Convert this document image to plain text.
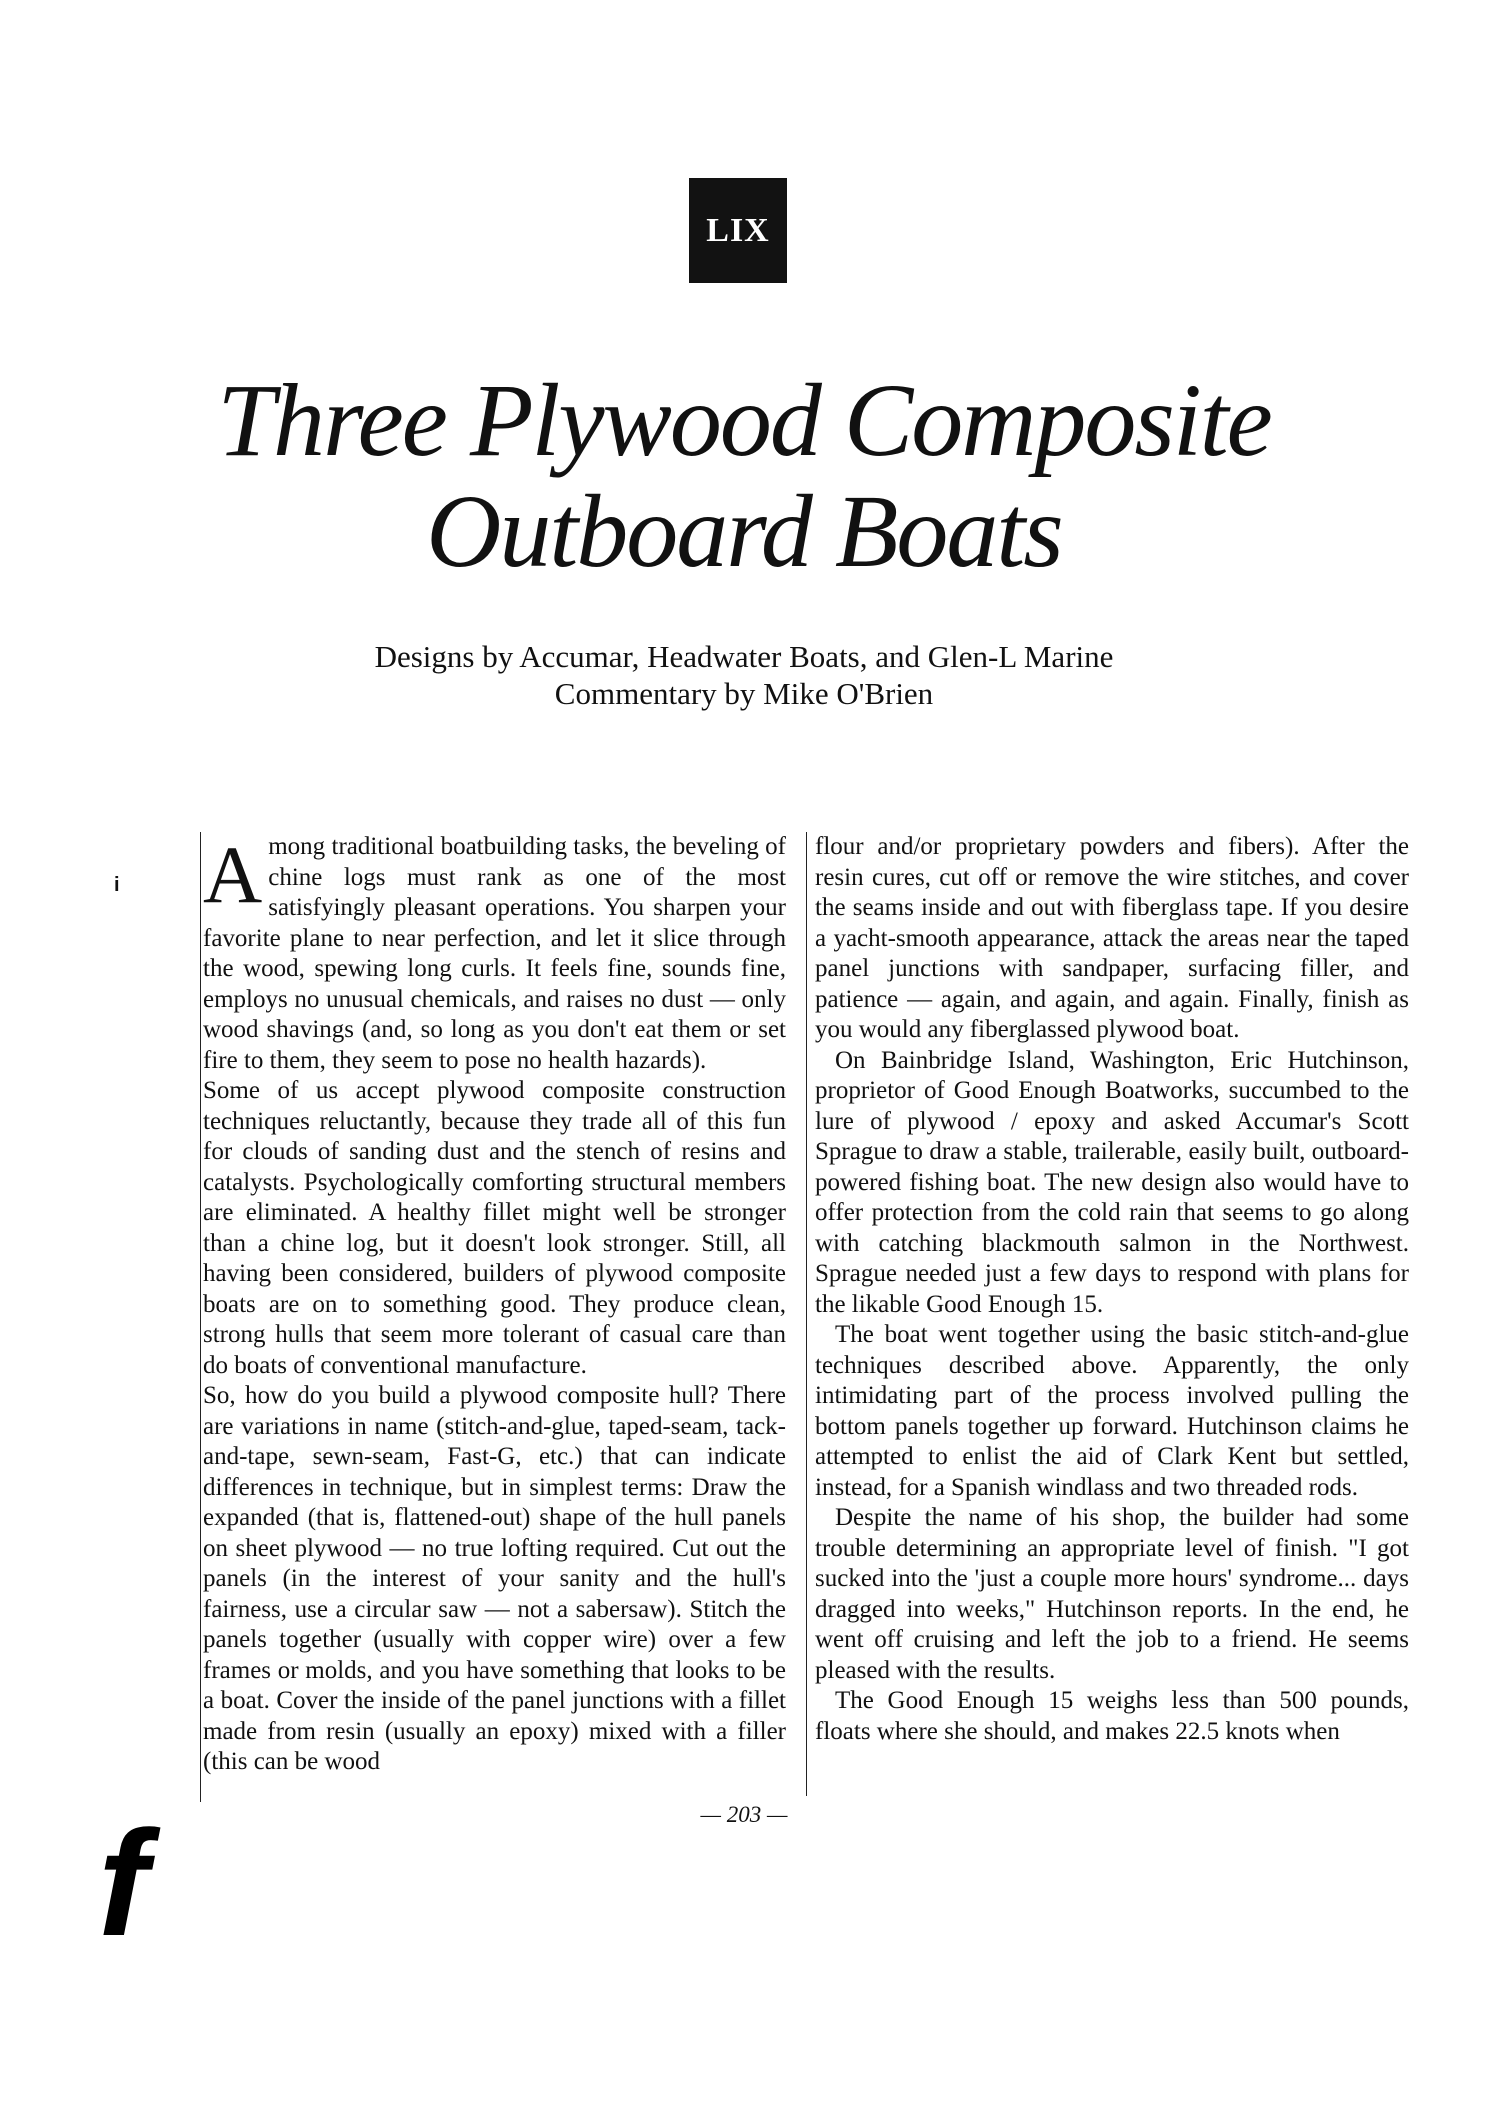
LIX
Three Plywood Composite
Outboard Boats
Designs by Accumar, Headwater Boats, and Glen-L Marine
Commentary by Mike O'Brien
i Among traditional boatbuilding tasks, the beveling of chine logs must rank as one of the most satisfyingly pleasant operations. You sharpen your favorite plane to near perfection, and let it slice through the wood, spewing long curls. It feels fine, sounds fine, employs no unusual chemicals, and raises no dust — only wood shavings (and, so long as you don't eat them or set fire to them, they seem to pose no health hazards).

Some of us accept plywood composite construction techniques reluctantly, because they trade all of this fun for clouds of sanding dust and the stench of resins and catalysts. Psychologically comforting structural members are eliminated. A healthy fillet might well be stronger than a chine log, but it doesn't look stronger. Still, all having been considered, builders of plywood composite boats are on to something good. They produce clean, strong hulls that seem more tolerant of casual care than do boats of conventional manufacture.

So, how do you build a plywood composite hull? There are variations in name (stitch-and-glue, taped-seam, tack-and-tape, sewn-seam, Fast-G, etc.) that can indicate differences in technique, but in simplest terms: Draw the expanded (that is, flattened-out) shape of the hull panels on sheet plywood — no true lofting required. Cut out the panels (in the interest of your sanity and the hull's fairness, use a circular saw — not a sabersaw). Stitch the panels together (usually with copper wire) over a few frames or molds, and you have something that looks to be a boat. Cover the inside of the panel junctions with a fillet made from resin (usually an epoxy) mixed with a filler (this can be wood

flour and/or proprietary powders and fibers). After the resin cures, cut off or remove the wire stitches, and cover the seams inside and out with fiberglass tape. If you desire a yacht-smooth appearance, attack the areas near the taped panel junctions with sandpaper, surfacing filler, and patience — again, and again, and again. Finally, finish as you would any fiberglassed plywood boat.

On Bainbridge Island, Washington, Eric Hutchinson, proprietor of Good Enough Boatworks, succumbed to the lure of plywood / epoxy and asked Accumar's Scott Sprague to draw a stable, trailerable, easily built, outboard-powered fishing boat. The new design also would have to offer protection from the cold rain that seems to go along with catching blackmouth salmon in the Northwest. Sprague needed just a few days to respond with plans for the likable Good Enough 15.

The boat went together using the basic stitch-and-glue techniques described above. Apparently, the only intimidating part of the process involved pulling the bottom panels together up forward. Hutchinson claims he attempted to enlist the aid of Clark Kent but settled, instead, for a Spanish windlass and two threaded rods.

Despite the name of his shop, the builder had some trouble determining an appropriate level of finish. "I got sucked into the 'just a couple more hours' syndrome... days dragged into weeks," Hutchinson reports. In the end, he went off cruising and left the job to a friend. He seems pleased with the results.

The Good Enough 15 weighs less than 500 pounds, floats where she should, and makes 22.5 knots when

— 203 —
f
